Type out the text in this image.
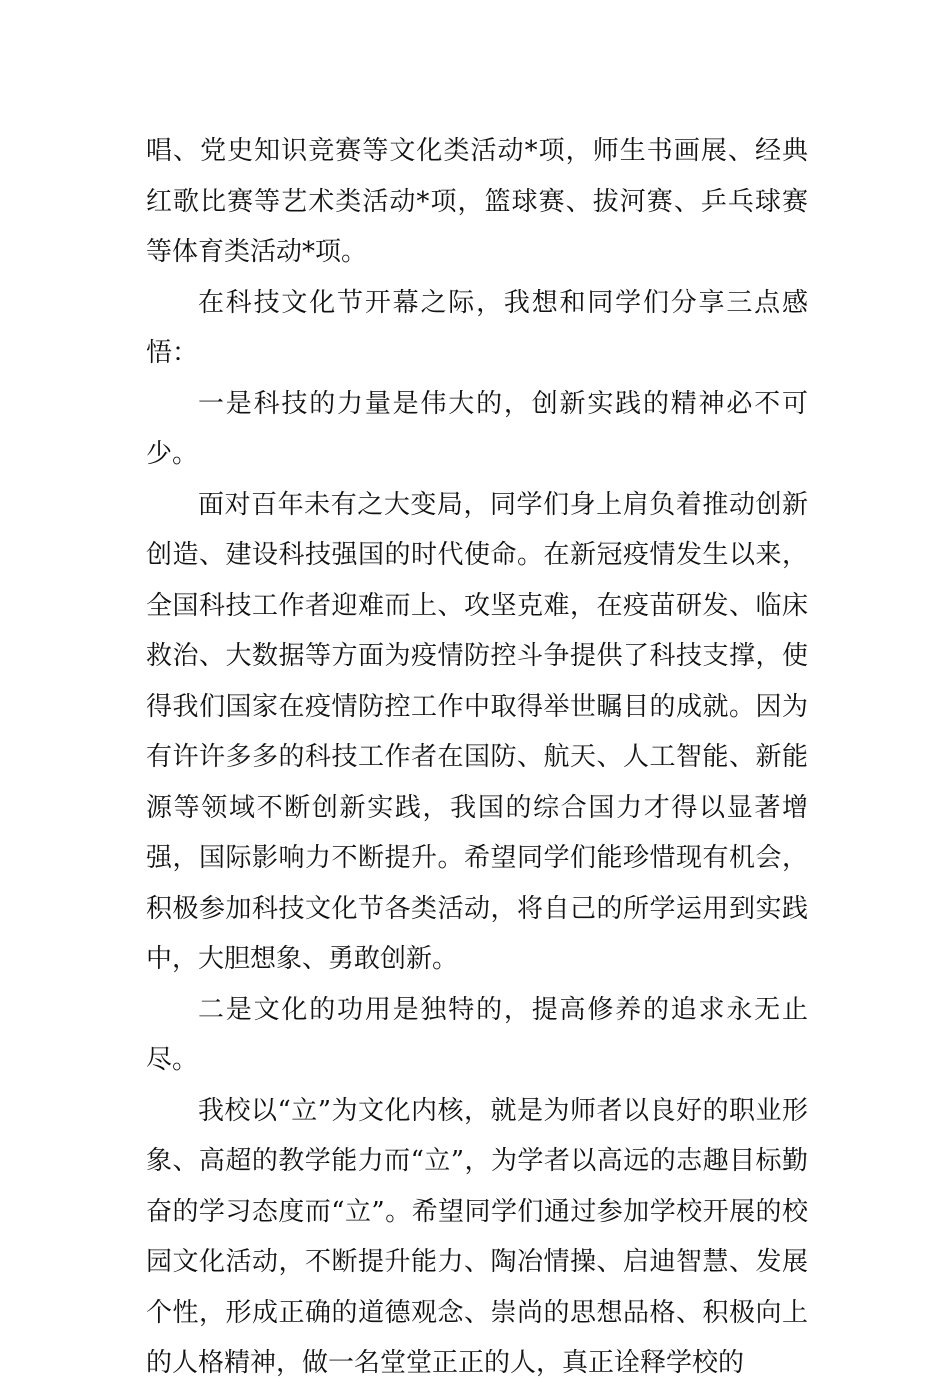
唱、党史知识竞赛等文化类活动*项，师生书画展、经典红歌比赛等艺术类活动*项，篮球赛、拔河赛、乒乓球赛等体育类活动*项。

在科技文化节开幕之际，我想和同学们分享三点感悟：

一是科技的力量是伟大的，创新实践的精神必不可少。

面对百年未有之大变局，同学们身上肩负着推动创新创造、建设科技强国的时代使命。在新冠疫情发生以来，全国科技工作者迎难而上、攻坚克难，在疫苗研发、临床救治、大数据等方面为疫情防控斗争提供了科技支撑，使得我们国家在疫情防控工作中取得举世瞩目的成就。因为有许许多多的科技工作者在国防、航天、人工智能、新能源等领域不断创新实践，我国的综合国力才得以显著增强，国际影响力不断提升。希望同学们能珍惜现有机会，积极参加科技文化节各类活动，将自己的所学运用到实践中，大胆想象、勇敢创新。

二是文化的功用是独特的，提高修养的追求永无止尽。

我校以“立”为文化内核，就是为师者以良好的职业形象、高超的教学能力而“立”，为学者以高远的志趣目标勤奋的学习态度而“立”。希望同学们通过参加学校开展的校园文化活动，不断提升能力、陶冶情操、启迪智慧、发展个性，形成正确的道德观念、崇尚的思想品格、积极向上的人格精神，做一名堂堂正正的人，真正诠释学校的
